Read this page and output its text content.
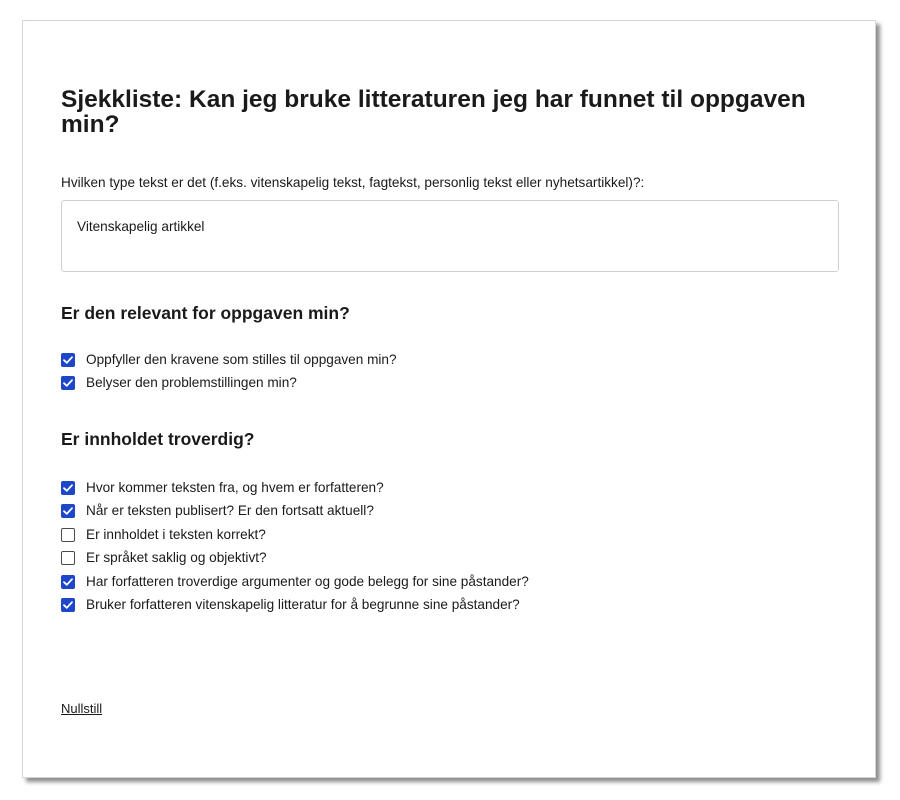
Sjekkliste: Kan jeg bruke litteraturen jeg har funnet til oppgaven min?
Hvilken type tekst er det (f.eks. vitenskapelig tekst, fagtekst, personlig tekst eller nyhetsartikkel)?:
Vitenskapelig artikkel
Er den relevant for oppgaven min?
Oppfyller den kravene som stilles til oppgaven min?
Belyser den problemstillingen min?
Er innholdet troverdig?
Hvor kommer teksten fra, og hvem er forfatteren?
Når er teksten publisert? Er den fortsatt aktuell?
Er innholdet i teksten korrekt?
Er språket saklig og objektivt?
Har forfatteren troverdige argumenter og gode belegg for sine påstander?
Bruker forfatteren vitenskapelig litteratur for å begrunne sine påstander?
Nullstill
